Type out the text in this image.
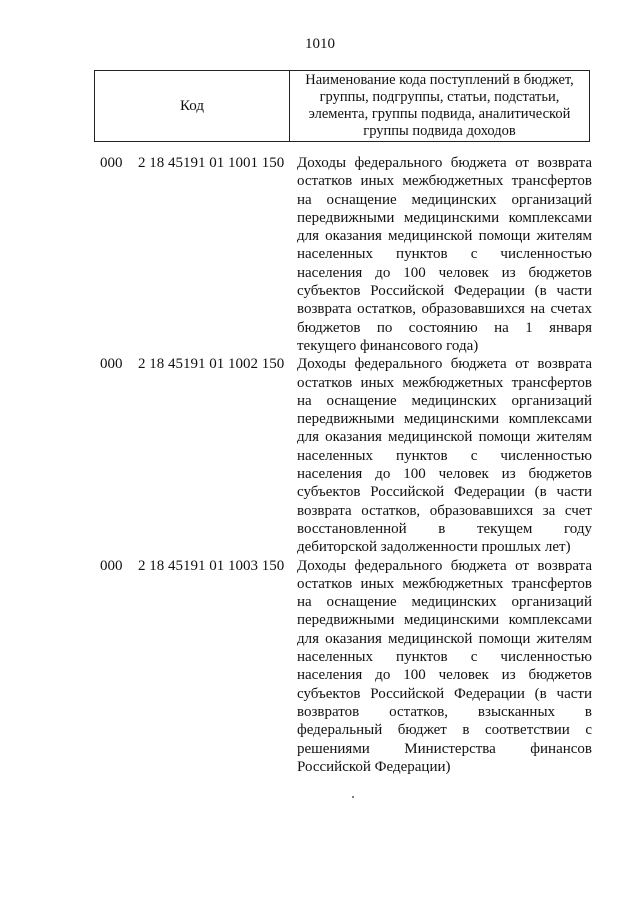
1010
Код
Наименование кода поступлений в бюджет, группы, подгруппы, статьи, подстатьи, элемента, группы подвида, аналитической группы подвида доходов
000 2 18 45191 01 1001 150 Доходы федерального бюджета от возврата
остатков иных межбюджетных трансфертов
на оснащение медицинских организаций
передвижными медицинскими комплексами
для оказания медицинской помощи жителям
населенных пунктов с численностью
населения до 100 человек из бюджетов
субъектов Российской Федерации (в части
возврата остатков, образовавшихся на счетах
бюджетов по состоянию на 1 января
текущего финансового года)
000 2 18 45191 01 1002 150 Доходы федерального бюджета от возврата
остатков иных межбюджетных трансфертов
на оснащение медицинских организаций
передвижными медицинскими комплексами
для оказания медицинской помощи жителям
населенных пунктов с численностью
населения до 100 человек из бюджетов
субъектов Российской Федерации (в части
возврата остатков, образовавшихся за счет
восстановленной в текущем году
дебиторской задолженности прошлых лет)
000 2 18 45191 01 1003 150 Доходы федерального бюджета от возврата
остатков иных межбюджетных трансфертов
на оснащение медицинских организаций
передвижными медицинскими комплексами
для оказания медицинской помощи жителям
населенных пунктов с численностью
населения до 100 человек из бюджетов
субъектов Российской Федерации (в части
возвратов остатков, взысканных в
федеральный бюджет в соответствии с
решениями Министерства финансов
Российской Федерации)
